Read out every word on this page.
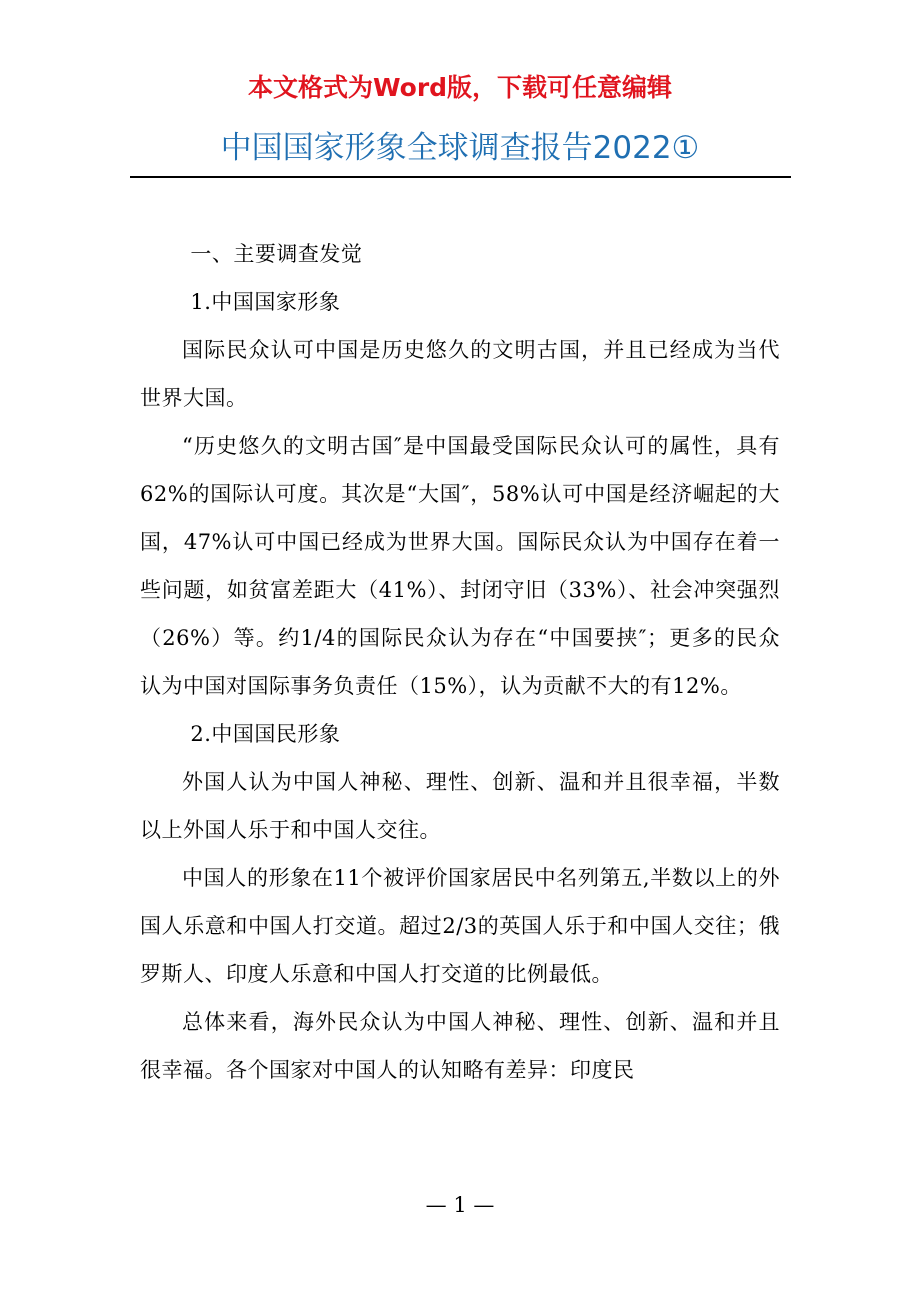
本文格式为Word版，下载可任意编辑
中国国家形象全球调查报告2022①

一、主要调查发觉

1.中国国家形象

国际民众认可中国是历史悠久的文明古国，并且已经成为当代世界大国。

“历史悠久的文明古国″是中国最受国际民众认可的属性，具有62%的国际认可度。其次是“大国″，58%认可中国是经济崛起的大国，47%认可中国已经成为世界大国。国际民众认为中国存在着一些问题，如贫富差距大（41%）、封闭守旧（33%）、社会冲突强烈（26%）等。约1/4的国际民众认为存在“中国要挟″；更多的民众认为中国对国际事务负责任（15%），认为贡献不大的有12%。

2.中国国民形象

外国人认为中国人神秘、理性、创新、温和并且很幸福，半数以上外国人乐于和中国人交往。

中国人的形象在11个被评价国家居民中名列第五,半数以上的外国人乐意和中国人打交道。超过2/3的英国人乐于和中国人交往；俄罗斯人、印度人乐意和中国人打交道的比例最低。

总体来看，海外民众认为中国人神秘、理性、创新、温和并且很幸福。各个国家对中国人的认知略有差异：印度民

— 1 —
